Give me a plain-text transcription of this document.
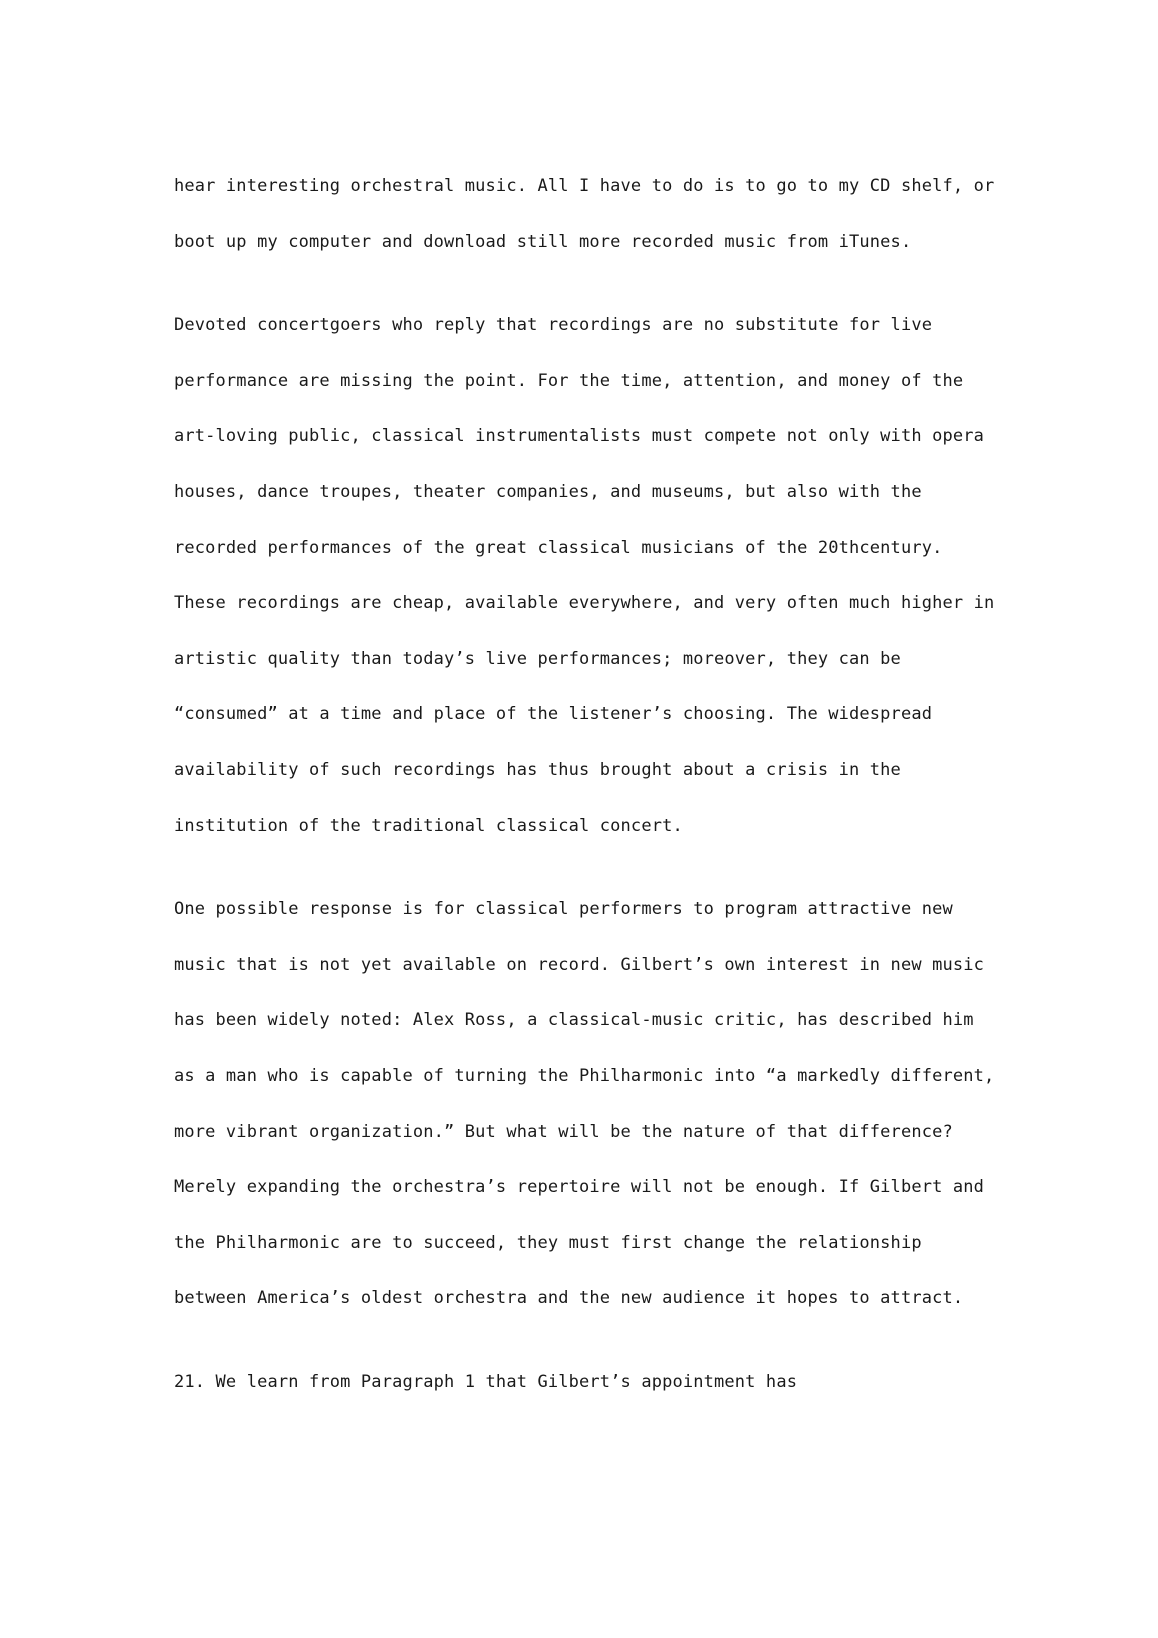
hear interesting orchestral music. All I have to do is to go to my CD shelf, or
boot up my computer and download still more recorded music from iTunes.
Devoted concertgoers who reply that recordings are no substitute for live
performance are missing the point. For the time, attention, and money of the
art-loving public, classical instrumentalists must compete not only with opera
houses, dance troupes, theater companies, and museums, but also with the
recorded performances of the great classical musicians of the 20thcentury.
These recordings are cheap, available everywhere, and very often much higher in
artistic quality than today’s live performances; moreover, they can be
“consumed” at a time and place of the listener’s choosing. The widespread
availability of such recordings has thus brought about a crisis in the
institution of the traditional classical concert.
One possible response is for classical performers to program attractive new
music that is not yet available on record. Gilbert’s own interest in new music
has been widely noted: Alex Ross, a classical-music critic, has described him
as a man who is capable of turning the Philharmonic into “a markedly different,
more vibrant organization.” But what will be the nature of that difference?
Merely expanding the orchestra’s repertoire will not be enough. If Gilbert and
the Philharmonic are to succeed, they must first change the relationship
between America’s oldest orchestra and the new audience it hopes to attract.
21. We learn from Paragraph 1 that Gilbert’s appointment has
